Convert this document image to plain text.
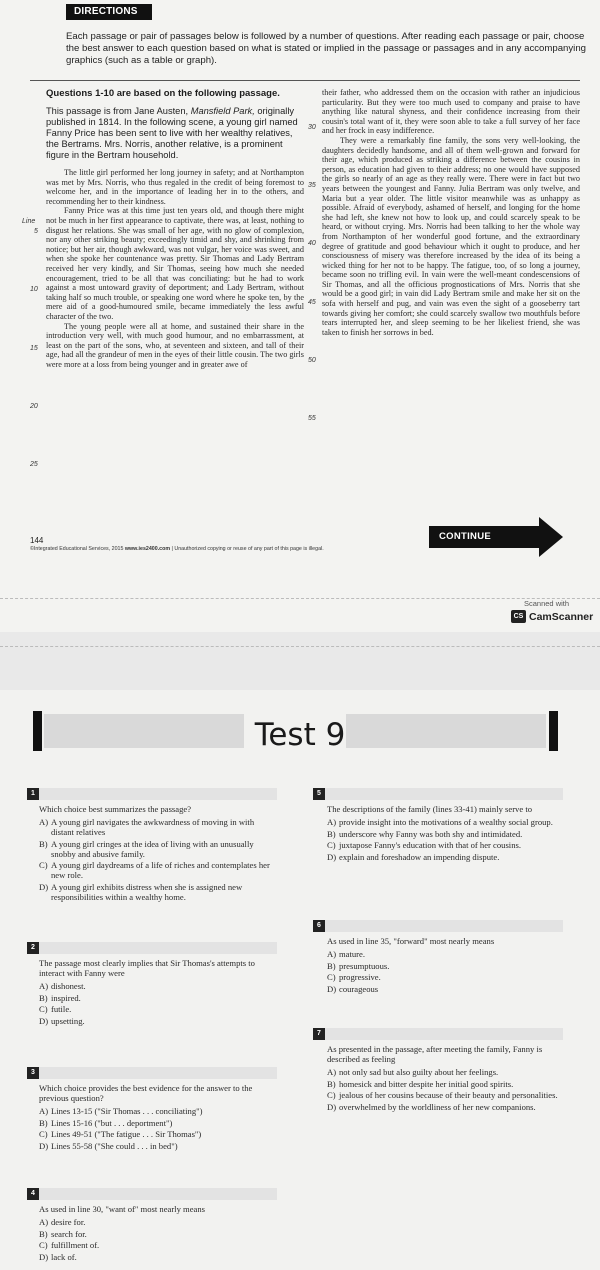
DIRECTIONS
Each passage or pair of passages below is followed by a number of questions. After reading each passage or pair, choose the best answer to each question based on what is stated or implied in the passage or passages and in any accompanying graphics (such as a table or graph).
Questions 1-10 are based on the following passage.
This passage is from Jane Austen, Mansfield Park, originally published in 1814. In the following scene, a young girl named Fanny Price has been sent to live with her wealthy relatives, the Bertrams. Mrs. Norris, another relative, is a prominent figure in the Bertram household.

The little girl performed her long journey in safety; and at Northampton was met by Mrs. Norris, who thus regaled in the credit of being foremost to welcome her, and in the importance of leading her in to the others, and recommending her to their kindness.

Fanny Price was at this time just ten years old, and though there might not be much in her first appearance to captivate, there was, at least, nothing to disgust her relations. She was small of her age, with no glow of complexion, nor any other striking beauty; exceedingly timid and shy, and shrinking from notice; but her air, though awkward, was not vulgar, her voice was sweet, and when she spoke her countenance was pretty. Sir Thomas and Lady Bertram received her very kindly, and Sir Thomas, seeing how much she needed encouragement, tried to be all that was conciliating: but he had to work against a most untoward gravity of deportment; and Lady Bertram, without taking half so much trouble, or speaking one word where he spoke ten, by the mere aid of a good-humoured smile, became immediately the less awful character of the two.

The young people were all at home, and sustained their share in the introduction very well, with much good humour, and no embarrassment, at least on the part of the sons, who, at seventeen and sixteen, and tall of their age, had all the grandeur of men in the eyes of their little cousin. The two girls were more at a loss from being younger and in greater awe of

their father, who addressed them on the occasion with rather an injudicious particularity. But they were too much used to company and praise to have anything like natural shyness, and their confidence increasing from their cousin's total want of it, they were soon able to take a full survey of her face and her frock in easy indifference.

They were a remarkably fine family, the sons very well-looking, the daughters decidedly handsome, and all of them well-grown and forward for their age, which produced as striking a difference between the cousins in person, as education had given to their address; no one would have supposed the girls so nearly of an age as they really were. There were in fact but two years between the youngest and Fanny. Julia Bertram was only twelve, and Maria but a year older. The little visitor meanwhile was as unhappy as possible. Afraid of everybody, ashamed of herself, and longing for the home she had left, she knew not how to look up, and could scarcely speak to be heard, or without crying. Mrs. Norris had been talking to her the whole way from Northampton of her wonderful good fortune, and the extraordinary degree of gratitude and good behaviour which it ought to produce, and her consciousness of misery was therefore increased by the idea of its being a wicked thing for her not to be happy. The fatigue, too, of so long a journey, became soon no trifling evil. In vain were the well-meant condescensions of Sir Thomas, and all the officious prognostications of Mrs. Norris that she would be a good girl; in vain did Lady Bertram smile and make her sit on the sofa with herself and pug, and vain was even the sight of a gooseberry tart towards giving her comfort; she could scarcely swallow two mouthfuls before tears interrupted her, and sleep seeming to be her likeliest friend, she was taken to finish her sorrows in bed.

Line
5
10
15
20
25
30
35
40
45
50
55
144
©Integrated Educational Services, 2015 www.ies2400.com | Unauthorized copying or reuse of any part of this page is illegal.
CONTINUE
Scanned with
CS CamScanner
Test 9
1
Which choice best summarizes the passage?
A) A young girl navigates the awkwardness of moving in with distant relatives
B) A young girl cringes at the idea of living with an unusually snobby and abusive family.
C) A young girl daydreams of a life of riches and contemplates her new role.
D) A young girl exhibits distress when she is assigned new responsibilities within a wealthy home.
2
The passage most clearly implies that Sir Thomas's attempts to interact with Fanny were
A) dishonest.
B) inspired.
C) futile.
D) upsetting.
3
Which choice provides the best evidence for the answer to the previous question?
A) Lines 13-15 ("Sir Thomas . . . conciliating")
B) Lines 15-16 ("but . . . deportment")
C) Lines 49-51 ("The fatigue . . . Sir Thomas")
D) Lines 55-58 ("She could . . . in bed")
4
As used in line 30, "want of" most nearly means
A) desire for.
B) search for.
C) fulfillment of.
D) lack of.
5
The descriptions of the family (lines 33-41) mainly serve to
A) provide insight into the motivations of a wealthy social group.
B) underscore why Fanny was both shy and intimidated.
C) juxtapose Fanny's education with that of her cousins.
D) explain and foreshadow an impending dispute.
6
As used in line 35, "forward" most nearly means
A) mature.
B) presumptuous.
C) progressive.
D) courageous
7
As presented in the passage, after meeting the family, Fanny is described as feeling
A) not only sad but also guilty about her feelings.
B) homesick and bitter despite her initial good spirits.
C) jealous of her cousins because of their beauty and personalities.
D) overwhelmed by the worldliness of her new companions.
